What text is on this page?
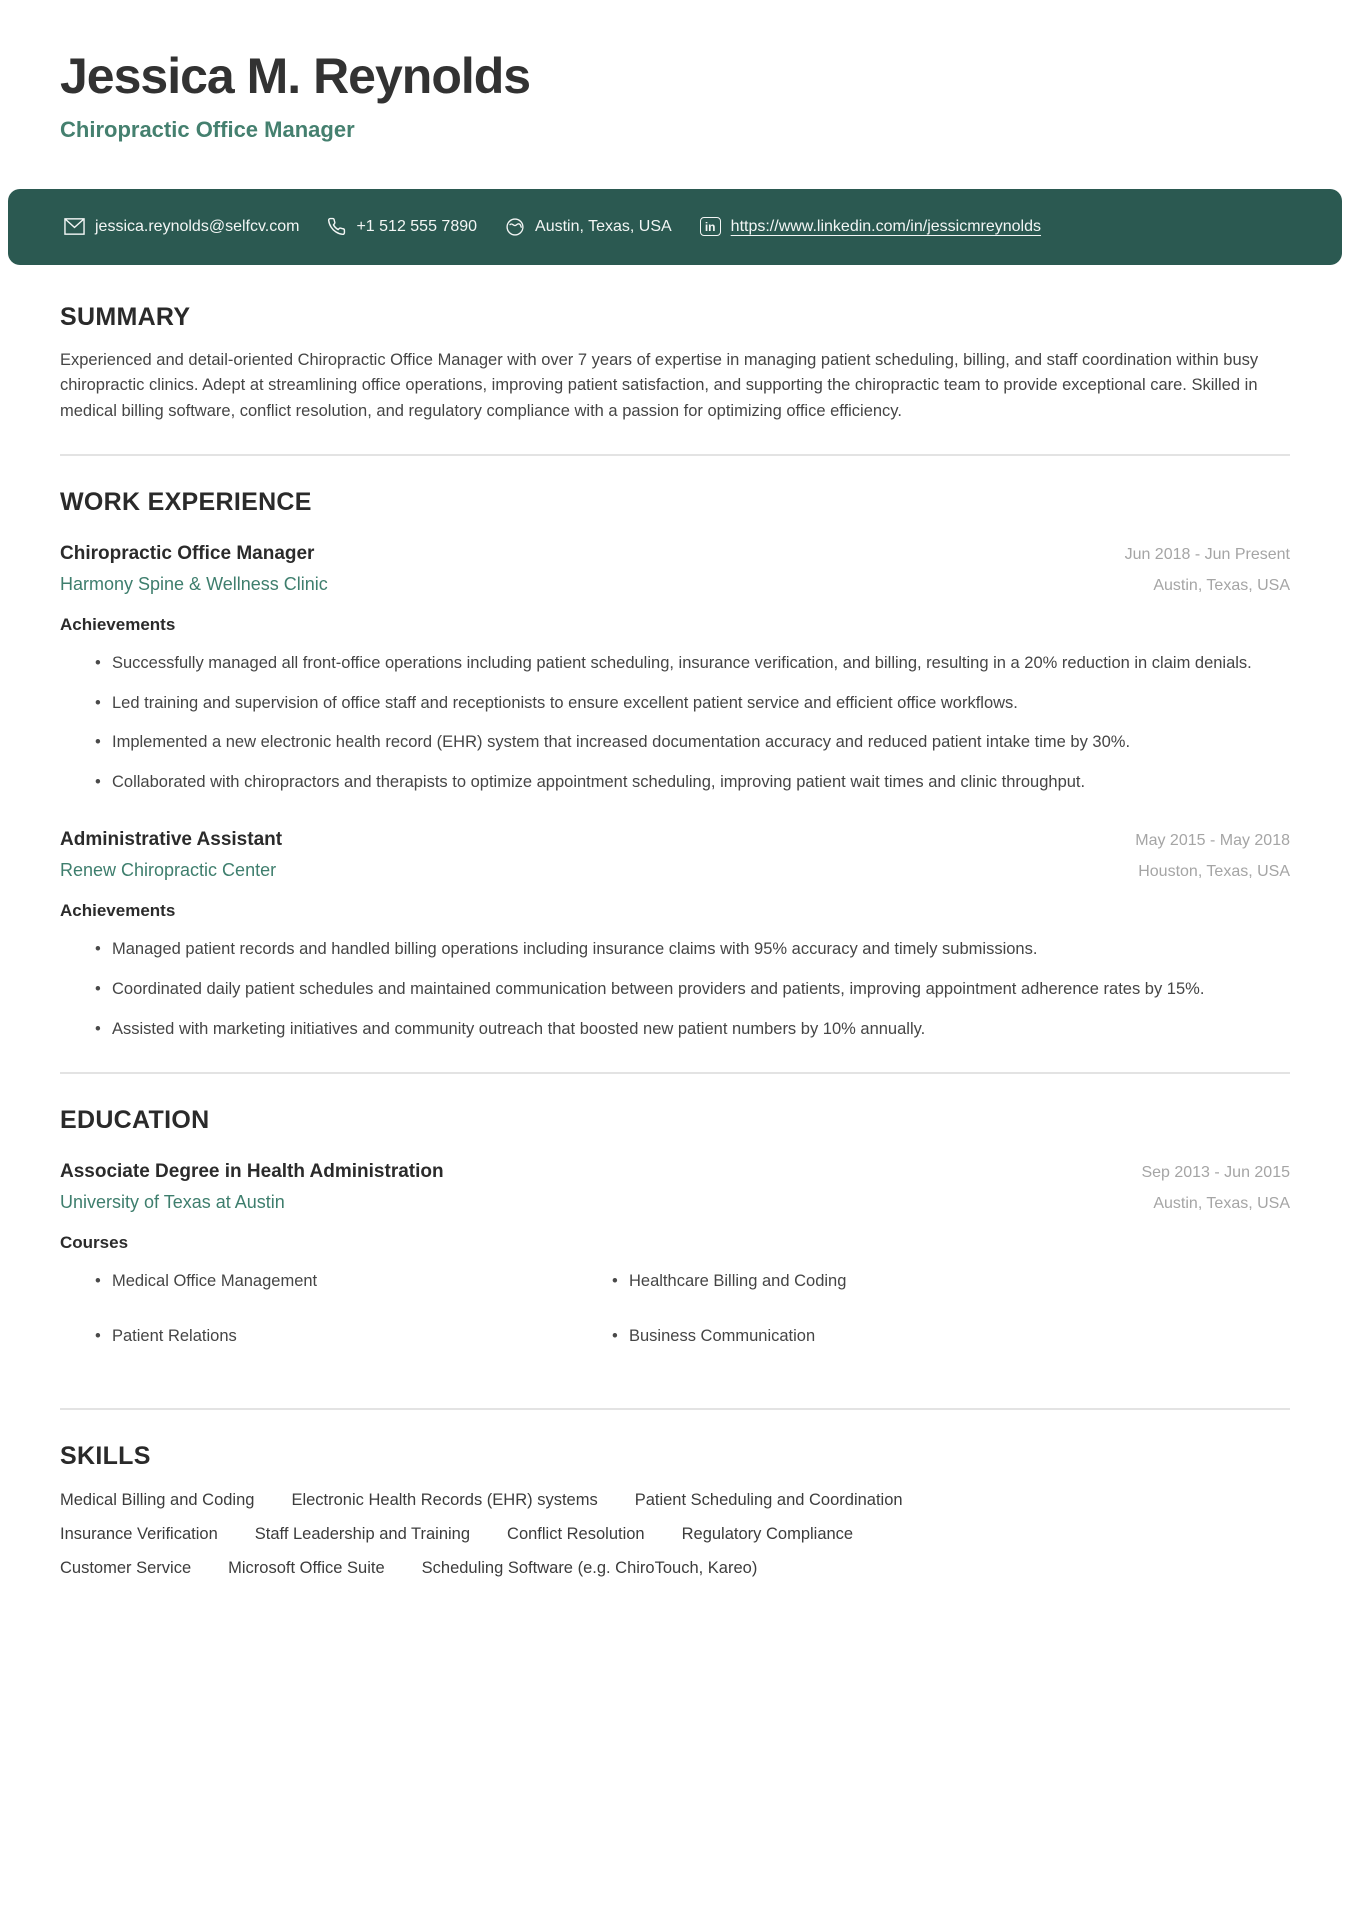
Jessica M. Reynolds
Chiropractic Office Manager
jessica.reynolds@selfcv.com	+1 512 555 7890	Austin, Texas, USA	in https://www.linkedin.com/in/jessicmreynolds
SUMMARY

Experienced and detail-oriented Chiropractic Office Manager with over 7 years of expertise in managing patient scheduling, billing, and staff coordination within busy chiropractic clinics. Adept at streamlining office operations, improving patient satisfaction, and supporting the chiropractic team to provide exceptional care. Skilled in medical billing software, conflict resolution, and regulatory compliance with a passion for optimizing office efficiency.

WORK EXPERIENCE
Chiropractic Office Manager	Jun 2018 - Jun Present
Harmony Spine & Wellness Clinic	Austin, Texas, USA
Achievements
• Successfully managed all front-office operations including patient scheduling, insurance verification, and billing, resulting in a 20% reduction in claim denials.
• Led training and supervision of office staff and receptionists to ensure excellent patient service and efficient office workflows.
• Implemented a new electronic health record (EHR) system that increased documentation accuracy and reduced patient intake time by 30%.
• Collaborated with chiropractors and therapists to optimize appointment scheduling, improving patient wait times and clinic throughput.
Administrative Assistant	May 2015 - May 2018
Renew Chiropractic Center	Houston, Texas, USA
Achievements
• Managed patient records and handled billing operations including insurance claims with 95% accuracy and timely submissions.
• Coordinated daily patient schedules and maintained communication between providers and patients, improving appointment adherence rates by 15%.
• Assisted with marketing initiatives and community outreach that boosted new patient numbers by 10% annually.
EDUCATION
Associate Degree in Health Administration	Sep 2013 - Jun 2015
University of Texas at Austin	Austin, Texas, USA
Courses
• Medical Office Management
• Patient Relations
• Healthcare Billing and Coding
• Business Communication
SKILLS
Medical Billing and Coding Electronic Health Records (EHR) systems Patient Scheduling and Coordination
Insurance Verification Staff Leadership and Training Conflict Resolution Regulatory Compliance
Customer Service Microsoft Office Suite Scheduling Software (e.g. ChiroTouch, Kareo)
